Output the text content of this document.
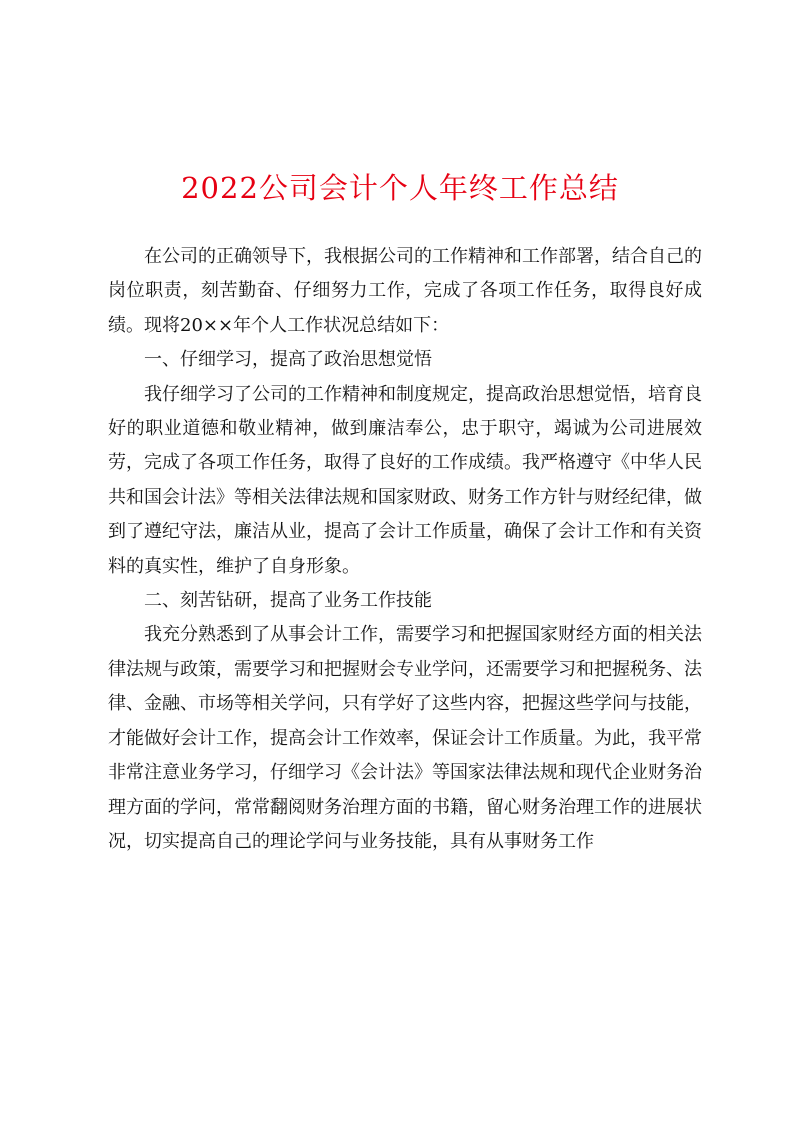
2022公司会计个人年终工作总结

在公司的正确领导下，我根据公司的工作精神和工作部署，结合自己的岗位职责，刻苦勤奋、仔细努力工作，完成了各项工作任务，取得良好成绩。现将20××年个人工作状况总结如下：

一、仔细学习，提高了政治思想觉悟

我仔细学习了公司的工作精神和制度规定，提高政治思想觉悟，培育良好的职业道德和敬业精神，做到廉洁奉公，忠于职守，竭诚为公司进展效劳，完成了各项工作任务，取得了良好的工作成绩。我严格遵守《中华人民共和国会计法》等相关法律法规和国家财政、财务工作方针与财经纪律，做到了遵纪守法，廉洁从业，提高了会计工作质量，确保了会计工作和有关资料的真实性，维护了自身形象。

二、刻苦钻研，提高了业务工作技能

我充分熟悉到了从事会计工作，需要学习和把握国家财经方面的相关法律法规与政策，需要学习和把握财会专业学问，还需要学习和把握税务、法律、金融、市场等相关学问，只有学好了这些内容，把握这些学问与技能，才能做好会计工作，提高会计工作效率，保证会计工作质量。为此，我平常非常注意业务学习，仔细学习《会计法》等国家法律法规和现代企业财务治理方面的学问，常常翻阅财务治理方面的书籍，留心财务治理工作的进展状况，切实提高自己的理论学问与业务技能，具有从事财务工作
